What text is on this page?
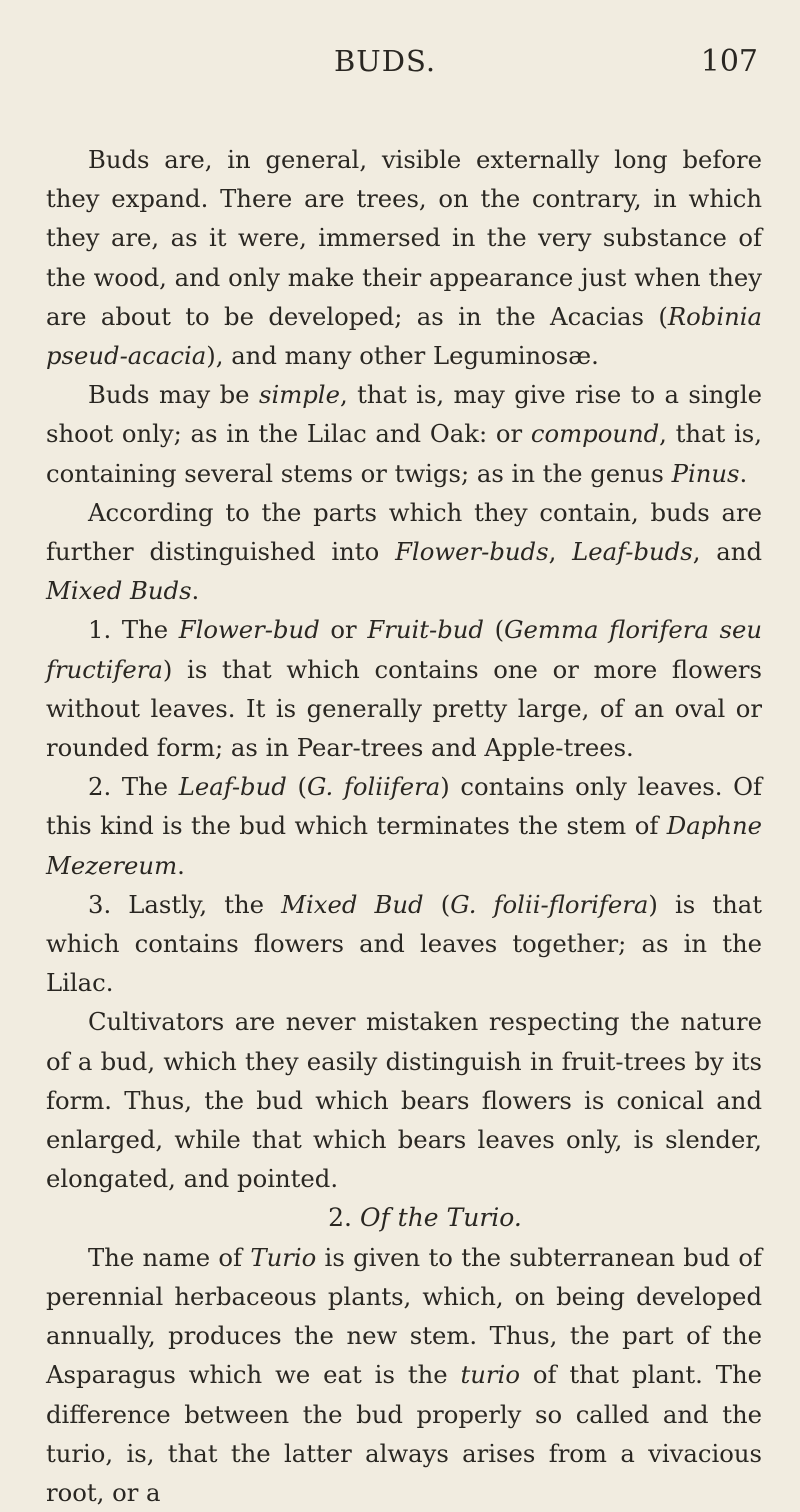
BUDS.	107

Buds are, in general, visible externally long before they expand. There are trees, on the contrary, in which they are, as it were, immersed in the very substance of the wood, and only make their appearance just when they are about to be developed; as in the Acacias (Robinia pseud-acacia), and many other Leguminosæ.

Buds may be simple, that is, may give rise to a single shoot only; as in the Lilac and Oak: or compound, that is, containing several stems or twigs; as in the genus Pinus.

According to the parts which they contain, buds are further distinguished into Flower-buds, Leaf-buds, and Mixed Buds.

1. The Flower-bud or Fruit-bud (Gemma florifera seu fructifera) is that which contains one or more flowers without leaves. It is generally pretty large, of an oval or rounded form; as in Pear-trees and Apple-trees.

2. The Leaf-bud (G. foliifera) contains only leaves. Of this kind is the bud which terminates the stem of Daphne Mezereum.

3. Lastly, the Mixed Bud (G. folii-florifera) is that which contains flowers and leaves together; as in the Lilac.

Cultivators are never mistaken respecting the nature of a bud, which they easily distinguish in fruit-trees by its form. Thus, the bud which bears flowers is conical and enlarged, while that which bears leaves only, is slender, elongated, and pointed.

2. Of the Turio.

The name of Turio is given to the subterranean bud of perennial herbaceous plants, which, on being developed annually, produces the new stem. Thus, the part of the Asparagus which we eat is the turio of that plant. The difference between the bud properly so called and the turio, is, that the latter always arises from a vivacious root, or a
